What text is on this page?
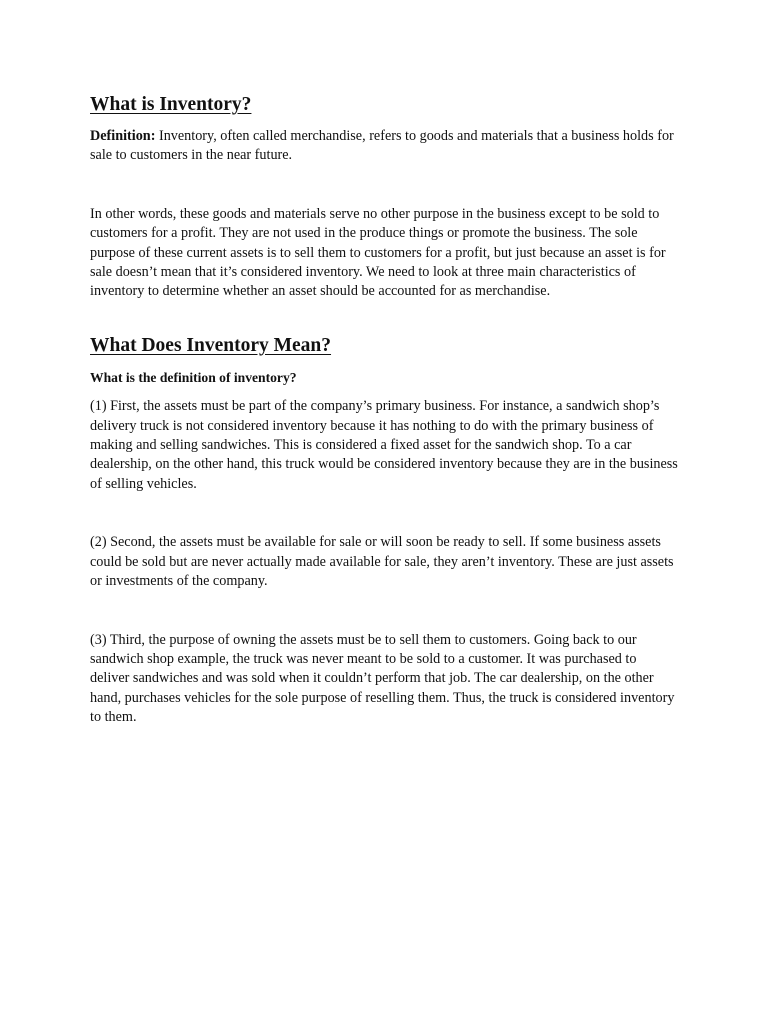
What is Inventory?

Definition: Inventory, often called merchandise, refers to goods and materials that a business holds for sale to customers in the near future.

In other words, these goods and materials serve no other purpose in the business except to be sold to customers for a profit. They are not used in the produce things or promote the business. The sole purpose of these current assets is to sell them to customers for a profit, but just because an asset is for sale doesn’t mean that it’s considered inventory. We need to look at three main characteristics of inventory to determine whether an asset should be accounted for as merchandise.

What Does Inventory Mean?

What is the definition of inventory?

(1) First, the assets must be part of the company’s primary business. For instance, a sandwich shop’s delivery truck is not considered inventory because it has nothing to do with the primary business of making and selling sandwiches. This is considered a fixed asset for the sandwich shop. To a car dealership, on the other hand, this truck would be considered inventory because they are in the business of selling vehicles.

(2) Second, the assets must be available for sale or will soon be ready to sell. If some business assets could be sold but are never actually made available for sale, they aren’t inventory. These are just assets or investments of the company.

(3) Third, the purpose of owning the assets must be to sell them to customers. Going back to our sandwich shop example, the truck was never meant to be sold to a customer. It was purchased to deliver sandwiches and was sold when it couldn’t perform that job. The car dealership, on the other hand, purchases vehicles for the sole purpose of reselling them. Thus, the truck is considered inventory to them.
